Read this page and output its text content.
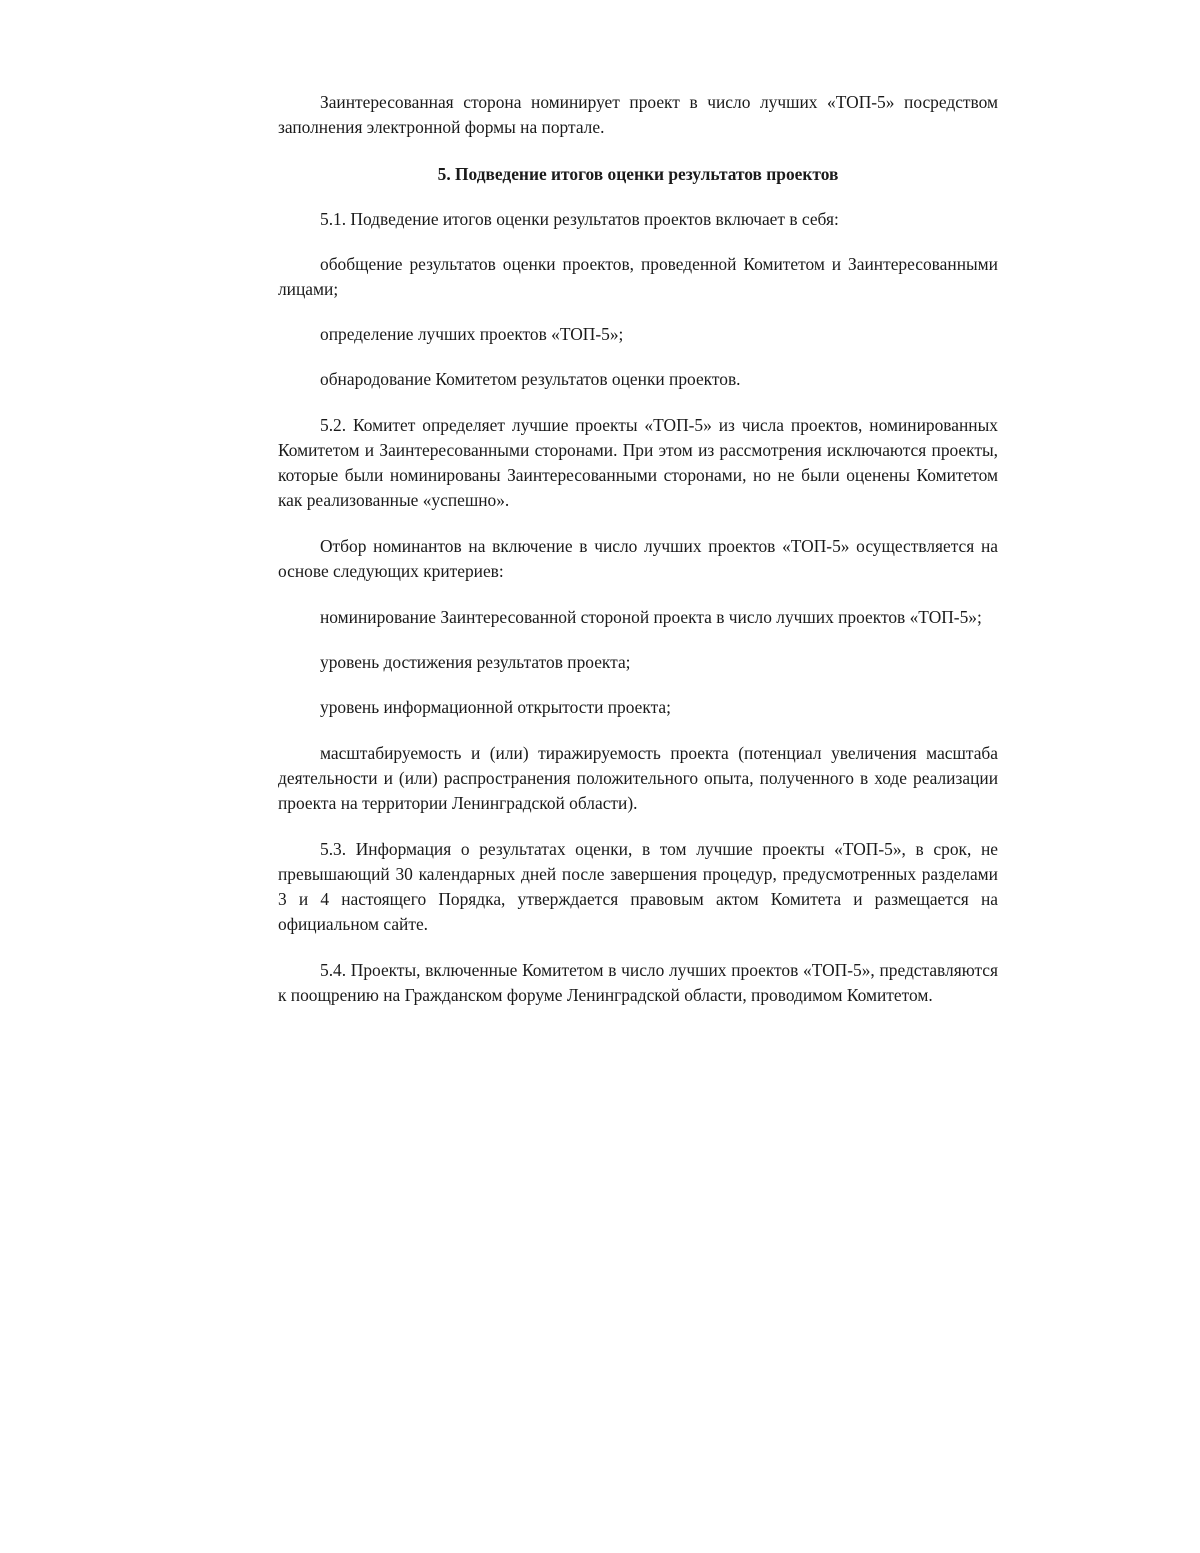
Заинтересованная сторона номинирует проект в число лучших «ТОП-5» посредством заполнения электронной формы на портале.

5. Подведение итогов оценки результатов проектов

5.1. Подведение итогов оценки результатов проектов включает в себя:

обобщение результатов оценки проектов, проведенной Комитетом и Заинтересованными лицами;

определение лучших проектов «ТОП-5»;

обнародование Комитетом результатов оценки проектов.

5.2. Комитет определяет лучшие проекты «ТОП-5» из числа проектов, номинированных Комитетом и Заинтересованными сторонами. При этом из рассмотрения исключаются проекты, которые были номинированы Заинтересованными сторонами, но не были оценены Комитетом как реализованные «успешно».

Отбор номинантов на включение в число лучших проектов «ТОП-5» осуществляется на основе следующих критериев:

номинирование Заинтересованной стороной проекта в число лучших проектов «ТОП-5»;

уровень достижения результатов проекта;

уровень информационной открытости проекта;

масштабируемость и (или) тиражируемость проекта (потенциал увеличения масштаба деятельности и (или) распространения положительного опыта, полученного в ходе реализации проекта на территории Ленинградской области).

5.3. Информация о результатах оценки, в том лучшие проекты «ТОП-5», в срок, не превышающий 30 календарных дней после завершения процедур, предусмотренных разделами 3 и 4 настоящего Порядка, утверждается правовым актом Комитета и размещается на официальном сайте.

5.4. Проекты, включенные Комитетом в число лучших проектов «ТОП-5», представляются к поощрению на Гражданском форуме Ленинградской области, проводимом Комитетом.
